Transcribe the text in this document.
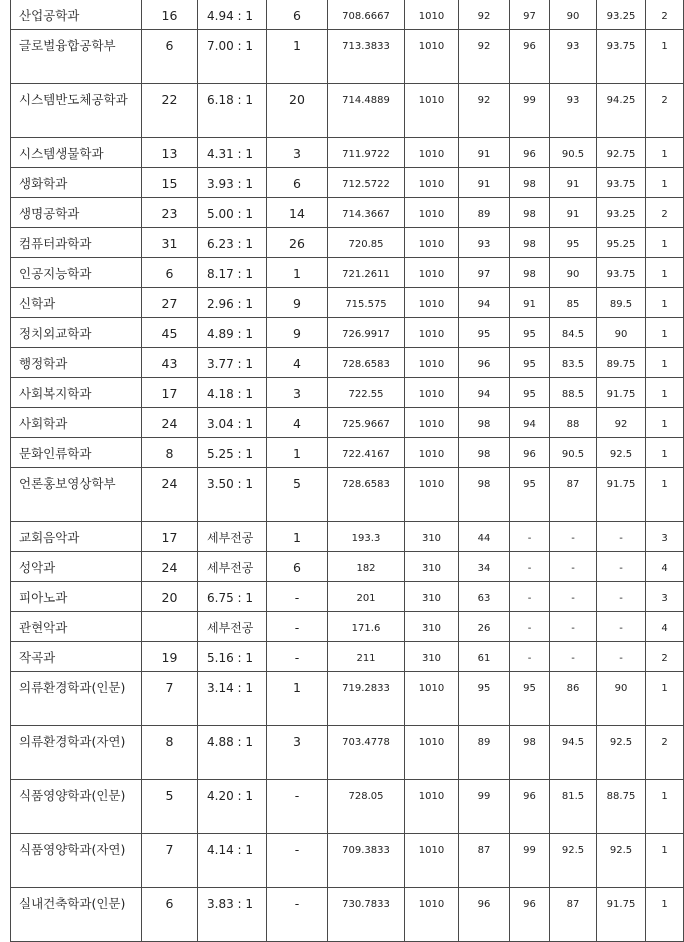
산업공학과	16	4.94 : 1	6	708.6667	1010	92	97	90	93.25	2
글로벌융합공학부	6	7.00 : 1	1	713.3833	1010	92	96	93	93.75	1
시스템반도체공학과	22	6.18 : 1	20	714.4889	1010	92	99	93	94.25	2
시스템생물학과	13	4.31 : 1	3	711.9722	1010	91	96	90.5	92.75	1
생화학과	15	3.93 : 1	6	712.5722	1010	91	98	91	93.75	1
생명공학과	23	5.00 : 1	14	714.3667	1010	89	98	91	93.25	2
컴퓨터과학과	31	6.23 : 1	26	720.85	1010	93	98	95	95.25	1
인공지능학과	6	8.17 : 1	1	721.2611	1010	97	98	90	93.75	1
신학과	27	2.96 : 1	9	715.575	1010	94	91	85	89.5	1
정치외교학과	45	4.89 : 1	9	726.9917	1010	95	95	84.5	90	1
행정학과	43	3.77 : 1	4	728.6583	1010	96	95	83.5	89.75	1
사회복지학과	17	4.18 : 1	3	722.55	1010	94	95	88.5	91.75	1
사회학과	24	3.04 : 1	4	725.9667	1010	98	94	88	92	1
문화인류학과	8	5.25 : 1	1	722.4167	1010	98	96	90.5	92.5	1
언론홍보영상학부	24	3.50 : 1	5	728.6583	1010	98	95	87	91.75	1
교회음악과	17	세부전공	1	193.3	310	44	-	-	-	3
성악과	24	세부전공	6	182	310	34	-	-	-	4
피아노과	20	6.75 : 1	-	201	310	63	-	-	-	3
관현악과		세부전공	-	171.6	310	26	-	-	-	4
작곡과	19	5.16 : 1	-	211	310	61	-	-	-	2
의류환경학과(인문)	7	3.14 : 1	1	719.2833	1010	95	95	86	90	1
의류환경학과(자연)	8	4.88 : 1	3	703.4778	1010	89	98	94.5	92.5	2
식품영양학과(인문)	5	4.20 : 1	-	728.05	1010	99	96	81.5	88.75	1
식품영양학과(자연)	7	4.14 : 1	-	709.3833	1010	87	99	92.5	92.5	1
실내건축학과(인문)	6	3.83 : 1	-	730.7833	1010	96	96	87	91.75	1
